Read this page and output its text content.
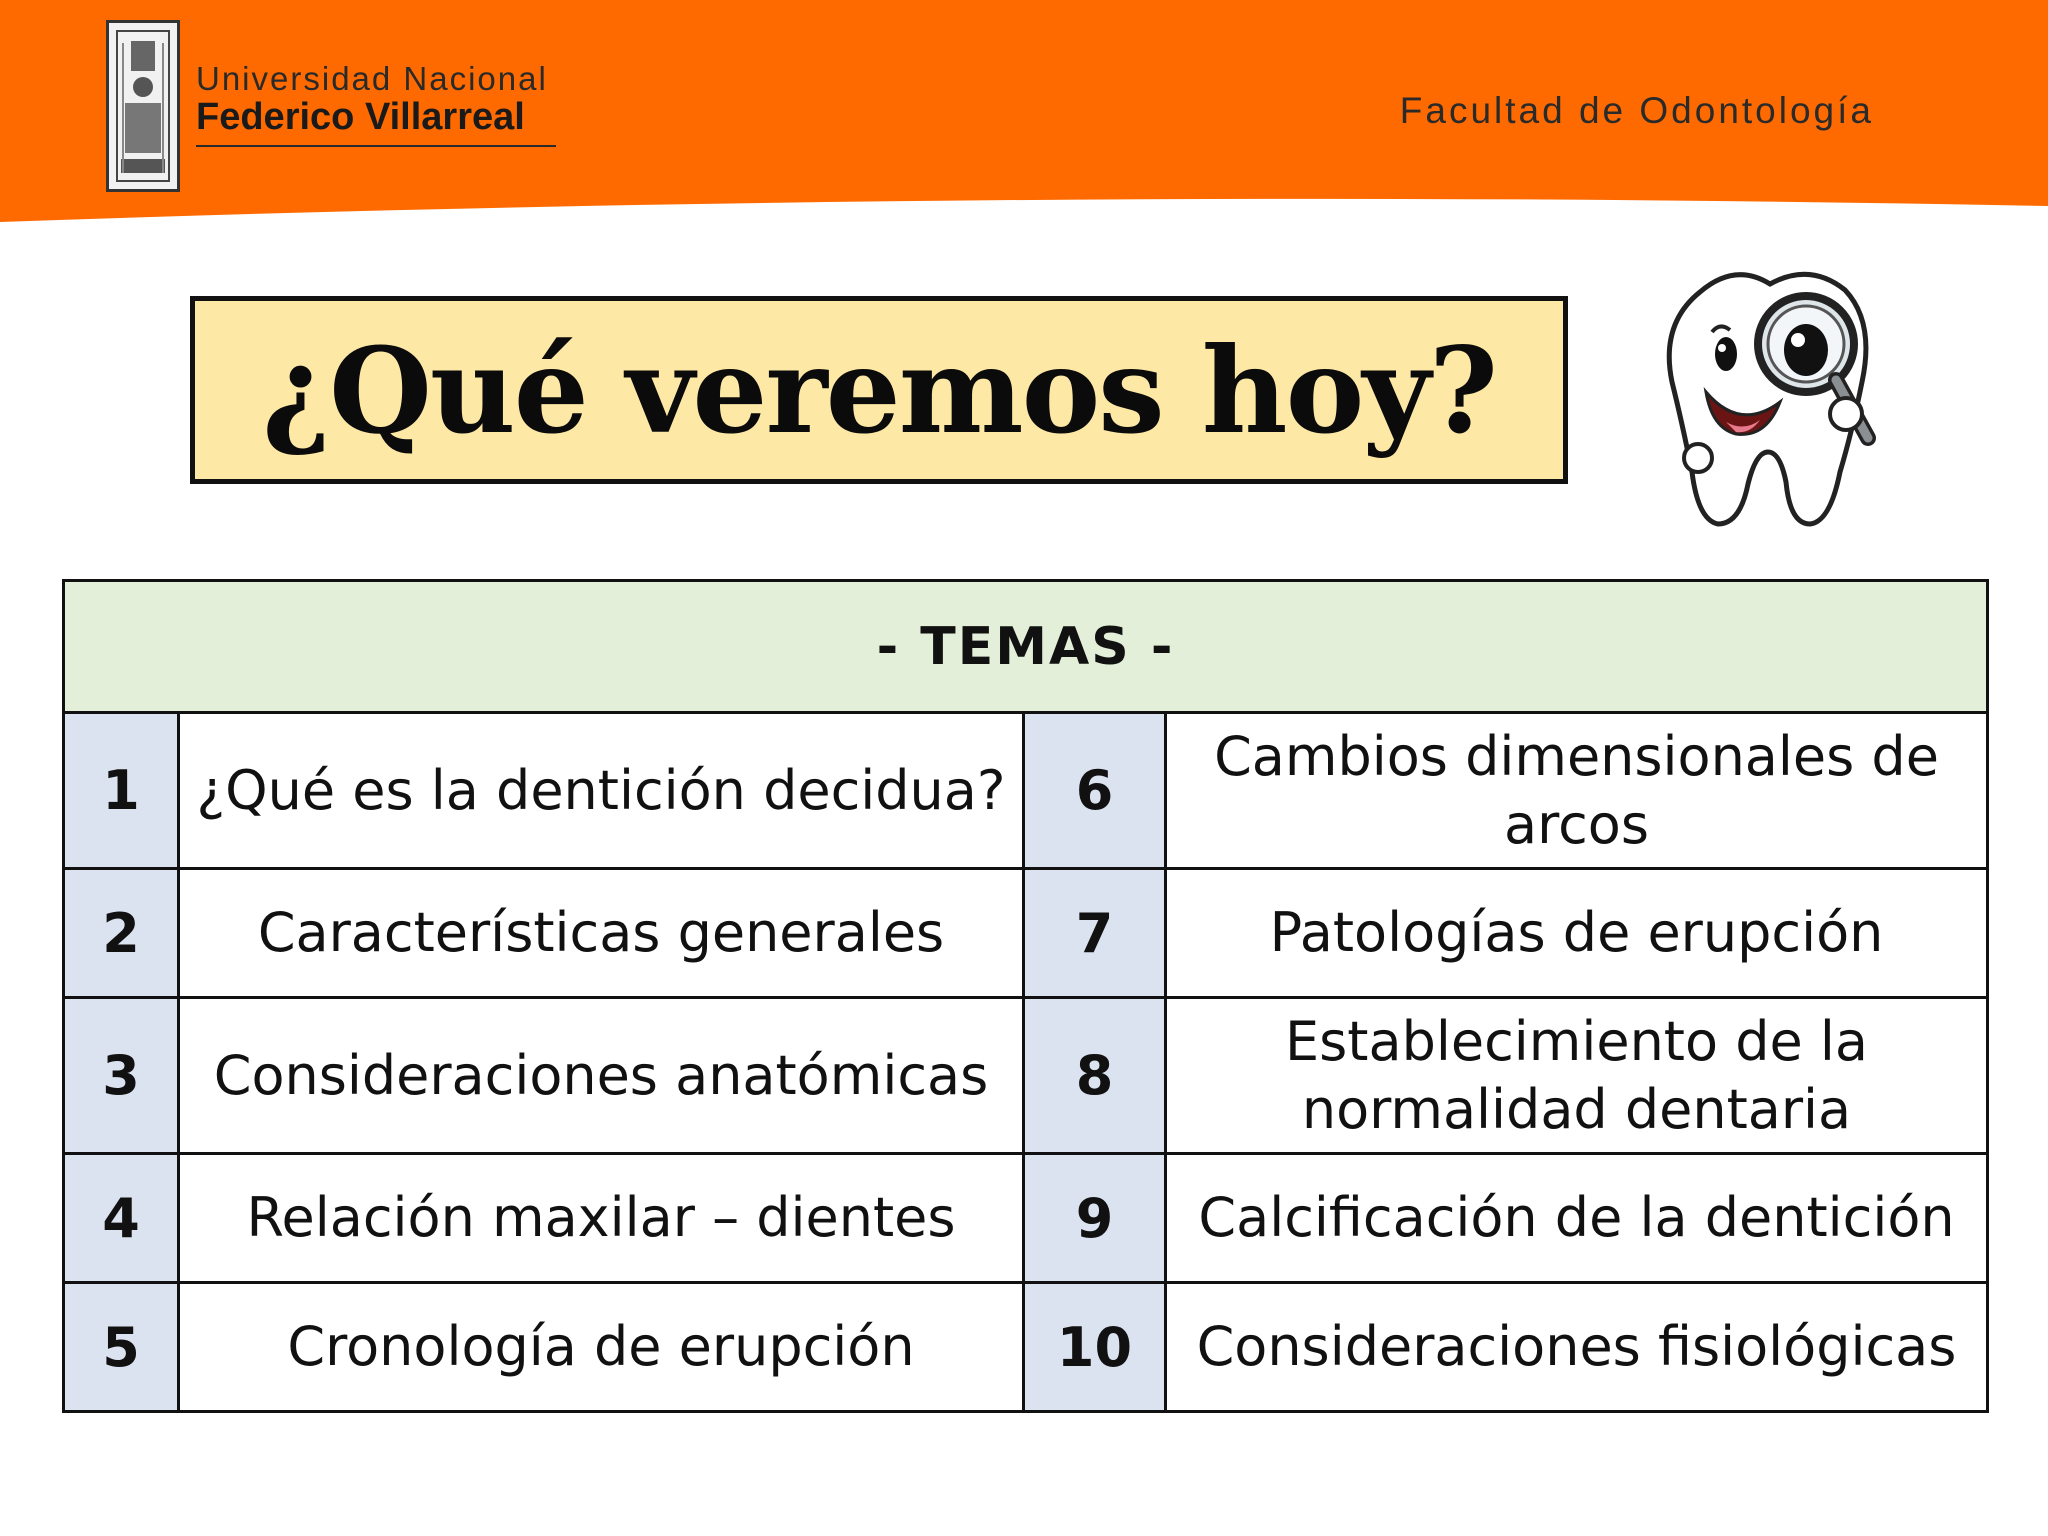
Universidad Nacional
Federico Villarreal	Facultad de Odontología
¿Qué veremos hoy?
- TEMAS -			
1	¿Qué es la dentición decidua?	6	Cambios dimensionales de arcos
2	Características generales	7	Patologías de erupción
3	Consideraciones anatómicas	8	Establecimiento de la normalidad dentaria
4	Relación maxilar – dientes	9	Calcificación de la dentición
5	Cronología de erupción	10	Consideraciones fisiológicas
